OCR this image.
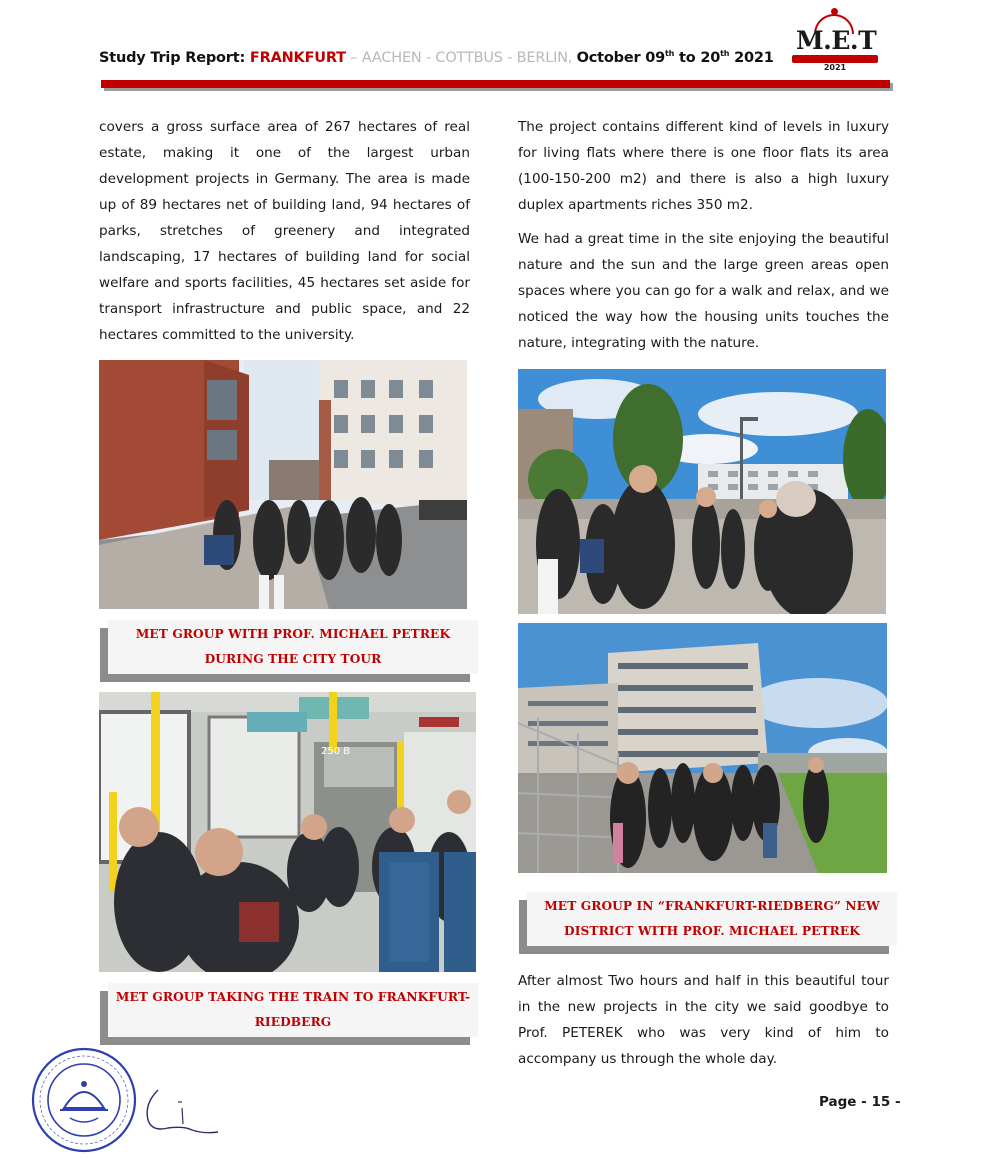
Study Trip Report: FRANKFURT – AACHEN - COTTBUS - BERLIN, October 09th to 20th 2021
M.E.T
2021

covers a gross surface area of 267 hectares of real estate, making it one of the largest urban development projects in Germany. The area is made up of 89 hectares net of building land, 94 hectares of parks, stretches of greenery and integrated landscaping, 17 hectares of building land for social welfare and sports facilities, 45 hectares set aside for transport infrastructure and public space, and 22 hectares committed to the university.

The project contains different kind of levels in luxury for living flats where there is one floor flats its area (100-150-200 m2) and there is also a high luxury duplex apartments riches 350 m2.

We had a great time in the site enjoying the beautiful nature and the sun and the large green areas open spaces where you can go for a walk and relax, and we noticed the way how the housing units touches the nature, integrating with the nature.

MET GROUP WITH PROF. MICHAEL PETREK DURING THE CITY TOUR
250 B
MET GROUP TAKING THE TRAIN TO FRANKFURT-RIEDBERG
MET GROUP IN “FRANKFURT-RIEDBERG” NEW DISTRICT WITH PROF. MICHAEL PETREK

After almost Two hours and half in this beautiful tour in the new projects in the city we said goodbye to Prof. PETEREK who was very kind of him to accompany us through the whole day.

Page - 15 -
